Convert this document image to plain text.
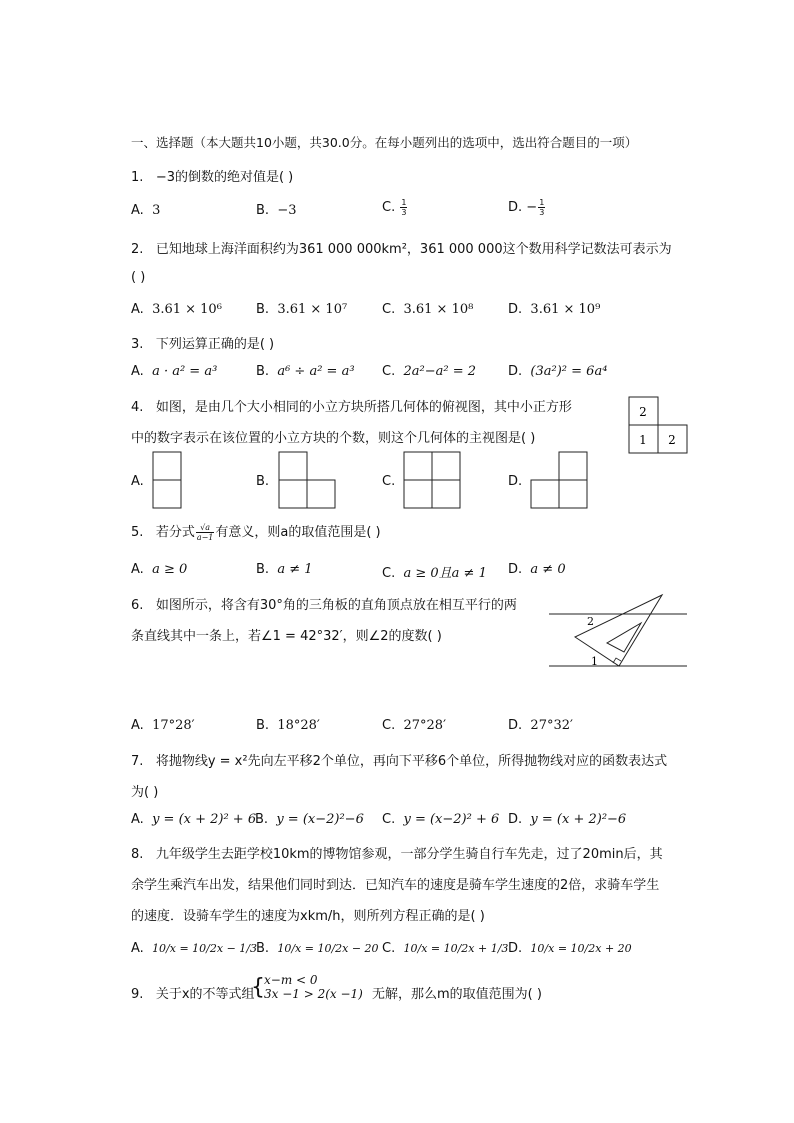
一、选择题（本大题共10小题，共30.0分。在每小题列出的选项中，选出符合题目的一项）
1. −3的倒数的绝对值是( )
A.  3	B.  −3	C. $\frac{1}{3}$	D. − $\frac{1}{3}$
2. 已知地球上海洋面积约为361 000 000km²，361 000 000这个数用科学记数法可表示为
( )
A.  3.61 × 10⁶	B.  3.61 × 10⁷	C.  3.61 × 10⁸	D.  3.61 × 10⁹
3. 下列运算正确的是( )
A.  a · a² = a³	B.  a⁶ ÷ a² = a³ C.  2a²−a² = 2 D.  (3a²)² = 6a⁴
4. 如图，是由几个大小相同的小立方块所搭几何体的俯视图，其中小正方形
中的数字表示在该位置的小立方块的个数，则这个几何体的主视图是( )
2
1 2
A.	B.	C.	D.
5. 若分式 $\frac{√a}{a-1}$ 有意义，则a的取值范围是( )
A.  a ≥ 0	B.  a ≠ 1	C.  a ≥ 0且a ≠ 1 D.  a ≠ 0
6. 如图所示，将含有30°角的三角板的直角顶点放在相互平行的两
条直线其中一条上，若∠1 = 42°32′，则∠2的度数( )
2
1
A.  17°28′	B.  18°28′	C.  27°28′	D.  27°32′
7. 将抛物线y = x²先向左平移2个单位，再向下平移6个单位，所得抛物线对应的函数表达式
为( )
A.  y = (x + 2)² + 6
B.  y = (x−2)²−6 C.  y = (x−2)² + 6 D.  y = (x + 2)²−6
8. 九年级学生去距学校10km的博物馆参观，一部分学生骑自行车先走，过了20min后，其
余学生乘汽车出发，结果他们同时到达．已知汽车的速度是骑车学生速度的2倍，求骑车学生
的速度．设骑车学生的速度为xkm/h，则所列方程正确的是( )
A.  10/x = 10/2x − 1/3 B.  10/x = 10/2x − 20 C.  10/x = 10/2x + 1/3 D.  10/x = 10/2x + 20
9. 关于x的不等式组
{ x−m < 0
3x −1 > 2(x −1) 无解，那么m的取值范围为( )
